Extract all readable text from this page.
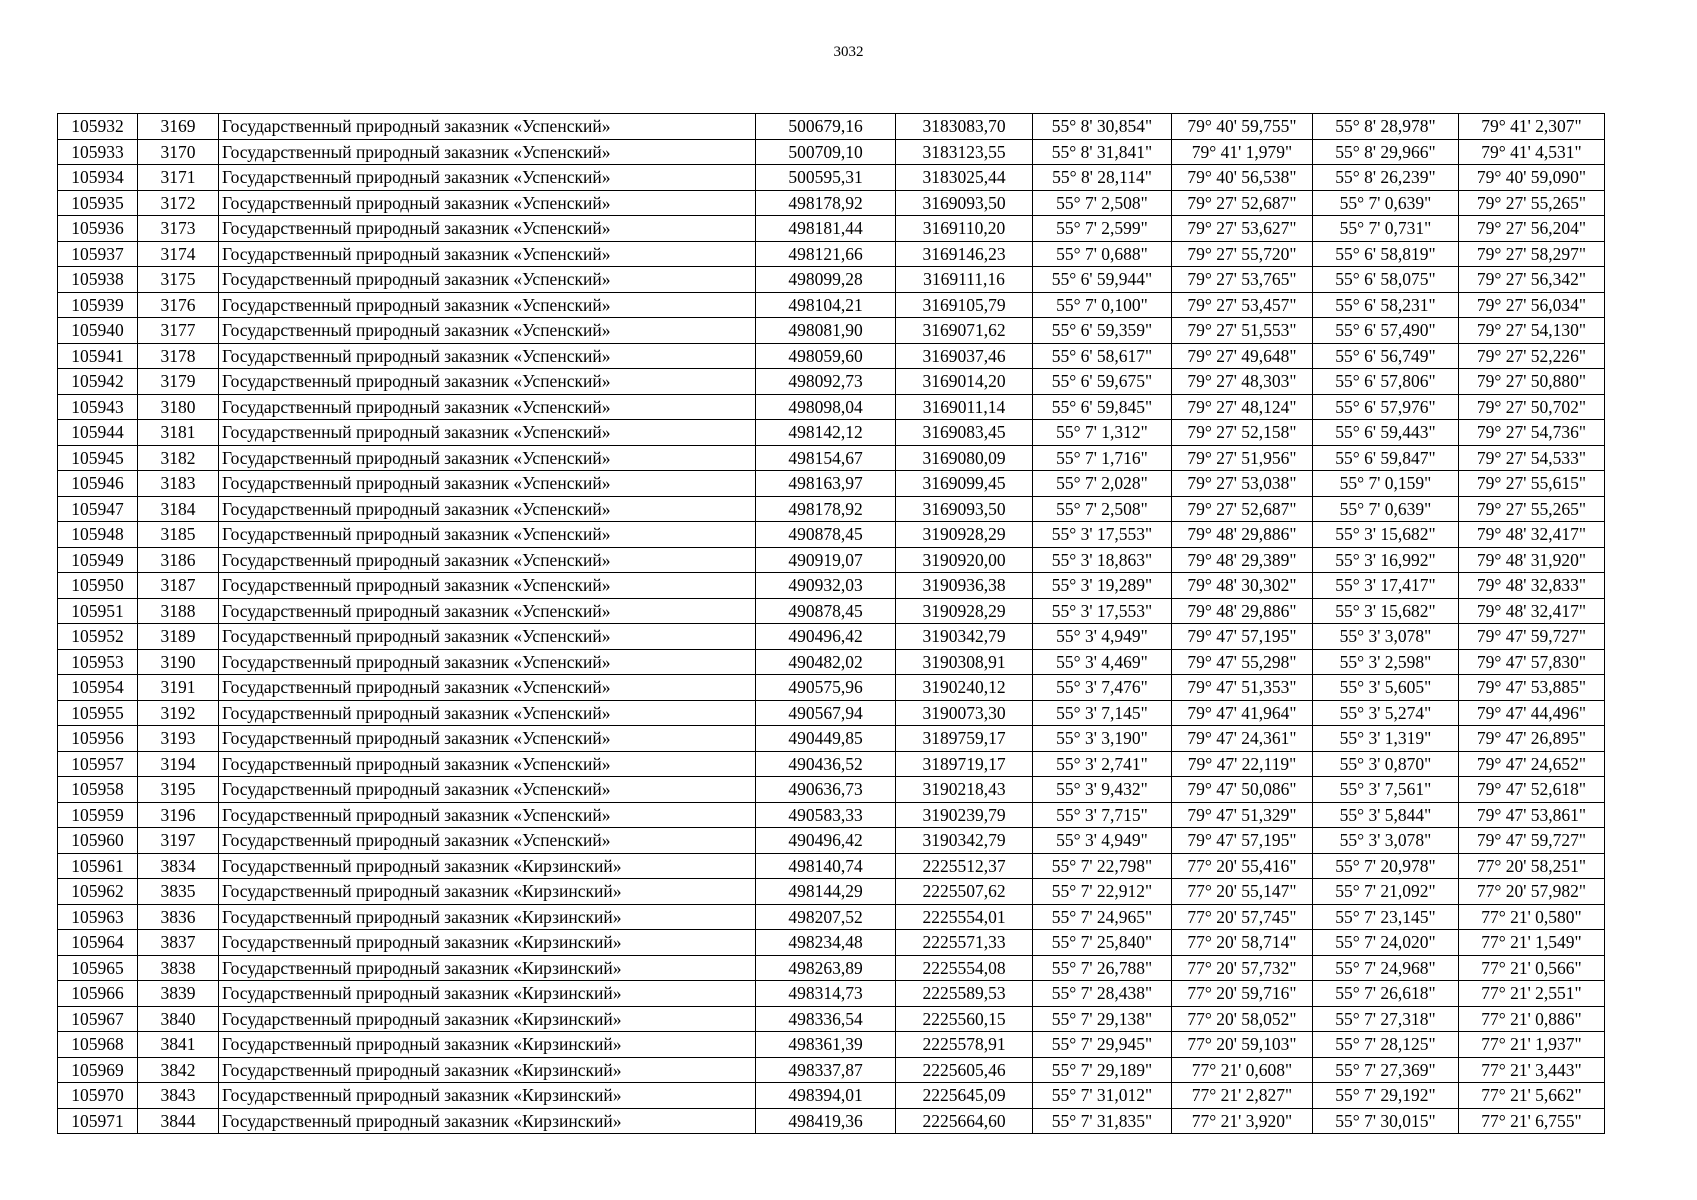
3032
105932	3169	Государственный природный заказник «Успенский»	500679,16	3183083,70	55° 8' 30,854"	79° 40' 59,755"	55° 8' 28,978"	79° 41' 2,307"
105933	3170	Государственный природный заказник «Успенский»	500709,10	3183123,55	55° 8' 31,841"	79° 41' 1,979"	55° 8' 29,966"	79° 41' 4,531"
105934	3171	Государственный природный заказник «Успенский»	500595,31	3183025,44	55° 8' 28,114"	79° 40' 56,538"	55° 8' 26,239"	79° 40' 59,090"
105935	3172	Государственный природный заказник «Успенский»	498178,92	3169093,50	55° 7' 2,508"	79° 27' 52,687"	55° 7' 0,639"	79° 27' 55,265"
105936	3173	Государственный природный заказник «Успенский»	498181,44	3169110,20	55° 7' 2,599"	79° 27' 53,627"	55° 7' 0,731"	79° 27' 56,204"
105937	3174	Государственный природный заказник «Успенский»	498121,66	3169146,23	55° 7' 0,688"	79° 27' 55,720"	55° 6' 58,819"	79° 27' 58,297"
105938	3175	Государственный природный заказник «Успенский»	498099,28	3169111,16	55° 6' 59,944"	79° 27' 53,765"	55° 6' 58,075"	79° 27' 56,342"
105939	3176	Государственный природный заказник «Успенский»	498104,21	3169105,79	55° 7' 0,100"	79° 27' 53,457"	55° 6' 58,231"	79° 27' 56,034"
105940	3177	Государственный природный заказник «Успенский»	498081,90	3169071,62	55° 6' 59,359"	79° 27' 51,553"	55° 6' 57,490"	79° 27' 54,130"
105941	3178	Государственный природный заказник «Успенский»	498059,60	3169037,46	55° 6' 58,617"	79° 27' 49,648"	55° 6' 56,749"	79° 27' 52,226"
105942	3179	Государственный природный заказник «Успенский»	498092,73	3169014,20	55° 6' 59,675"	79° 27' 48,303"	55° 6' 57,806"	79° 27' 50,880"
105943	3180	Государственный природный заказник «Успенский»	498098,04	3169011,14	55° 6' 59,845"	79° 27' 48,124"	55° 6' 57,976"	79° 27' 50,702"
105944	3181	Государственный природный заказник «Успенский»	498142,12	3169083,45	55° 7' 1,312"	79° 27' 52,158"	55° 6' 59,443"	79° 27' 54,736"
105945	3182	Государственный природный заказник «Успенский»	498154,67	3169080,09	55° 7' 1,716"	79° 27' 51,956"	55° 6' 59,847"	79° 27' 54,533"
105946	3183	Государственный природный заказник «Успенский»	498163,97	3169099,45	55° 7' 2,028"	79° 27' 53,038"	55° 7' 0,159"	79° 27' 55,615"
105947	3184	Государственный природный заказник «Успенский»	498178,92	3169093,50	55° 7' 2,508"	79° 27' 52,687"	55° 7' 0,639"	79° 27' 55,265"
105948	3185	Государственный природный заказник «Успенский»	490878,45	3190928,29	55° 3' 17,553"	79° 48' 29,886"	55° 3' 15,682"	79° 48' 32,417"
105949	3186	Государственный природный заказник «Успенский»	490919,07	3190920,00	55° 3' 18,863"	79° 48' 29,389"	55° 3' 16,992"	79° 48' 31,920"
105950	3187	Государственный природный заказник «Успенский»	490932,03	3190936,38	55° 3' 19,289"	79° 48' 30,302"	55° 3' 17,417"	79° 48' 32,833"
105951	3188	Государственный природный заказник «Успенский»	490878,45	3190928,29	55° 3' 17,553"	79° 48' 29,886"	55° 3' 15,682"	79° 48' 32,417"
105952	3189	Государственный природный заказник «Успенский»	490496,42	3190342,79	55° 3' 4,949"	79° 47' 57,195"	55° 3' 3,078"	79° 47' 59,727"
105953	3190	Государственный природный заказник «Успенский»	490482,02	3190308,91	55° 3' 4,469"	79° 47' 55,298"	55° 3' 2,598"	79° 47' 57,830"
105954	3191	Государственный природный заказник «Успенский»	490575,96	3190240,12	55° 3' 7,476"	79° 47' 51,353"	55° 3' 5,605"	79° 47' 53,885"
105955	3192	Государственный природный заказник «Успенский»	490567,94	3190073,30	55° 3' 7,145"	79° 47' 41,964"	55° 3' 5,274"	79° 47' 44,496"
105956	3193	Государственный природный заказник «Успенский»	490449,85	3189759,17	55° 3' 3,190"	79° 47' 24,361"	55° 3' 1,319"	79° 47' 26,895"
105957	3194	Государственный природный заказник «Успенский»	490436,52	3189719,17	55° 3' 2,741"	79° 47' 22,119"	55° 3' 0,870"	79° 47' 24,652"
105958	3195	Государственный природный заказник «Успенский»	490636,73	3190218,43	55° 3' 9,432"	79° 47' 50,086"	55° 3' 7,561"	79° 47' 52,618"
105959	3196	Государственный природный заказник «Успенский»	490583,33	3190239,79	55° 3' 7,715"	79° 47' 51,329"	55° 3' 5,844"	79° 47' 53,861"
105960	3197	Государственный природный заказник «Успенский»	490496,42	3190342,79	55° 3' 4,949"	79° 47' 57,195"	55° 3' 3,078"	79° 47' 59,727"
105961	3834	Государственный природный заказник «Кирзинский»	498140,74	2225512,37	55° 7' 22,798"	77° 20' 55,416"	55° 7' 20,978"	77° 20' 58,251"
105962	3835	Государственный природный заказник «Кирзинский»	498144,29	2225507,62	55° 7' 22,912"	77° 20' 55,147"	55° 7' 21,092"	77° 20' 57,982"
105963	3836	Государственный природный заказник «Кирзинский»	498207,52	2225554,01	55° 7' 24,965"	77° 20' 57,745"	55° 7' 23,145"	77° 21' 0,580"
105964	3837	Государственный природный заказник «Кирзинский»	498234,48	2225571,33	55° 7' 25,840"	77° 20' 58,714"	55° 7' 24,020"	77° 21' 1,549"
105965	3838	Государственный природный заказник «Кирзинский»	498263,89	2225554,08	55° 7' 26,788"	77° 20' 57,732"	55° 7' 24,968"	77° 21' 0,566"
105966	3839	Государственный природный заказник «Кирзинский»	498314,73	2225589,53	55° 7' 28,438"	77° 20' 59,716"	55° 7' 26,618"	77° 21' 2,551"
105967	3840	Государственный природный заказник «Кирзинский»	498336,54	2225560,15	55° 7' 29,138"	77° 20' 58,052"	55° 7' 27,318"	77° 21' 0,886"
105968	3841	Государственный природный заказник «Кирзинский»	498361,39	2225578,91	55° 7' 29,945"	77° 20' 59,103"	55° 7' 28,125"	77° 21' 1,937"
105969	3842	Государственный природный заказник «Кирзинский»	498337,87	2225605,46	55° 7' 29,189"	77° 21' 0,608"	55° 7' 27,369"	77° 21' 3,443"
105970	3843	Государственный природный заказник «Кирзинский»	498394,01	2225645,09	55° 7' 31,012"	77° 21' 2,827"	55° 7' 29,192"	77° 21' 5,662"
105971	3844	Государственный природный заказник «Кирзинский»	498419,36	2225664,60	55° 7' 31,835"	77° 21' 3,920"	55° 7' 30,015"	77° 21' 6,755"
